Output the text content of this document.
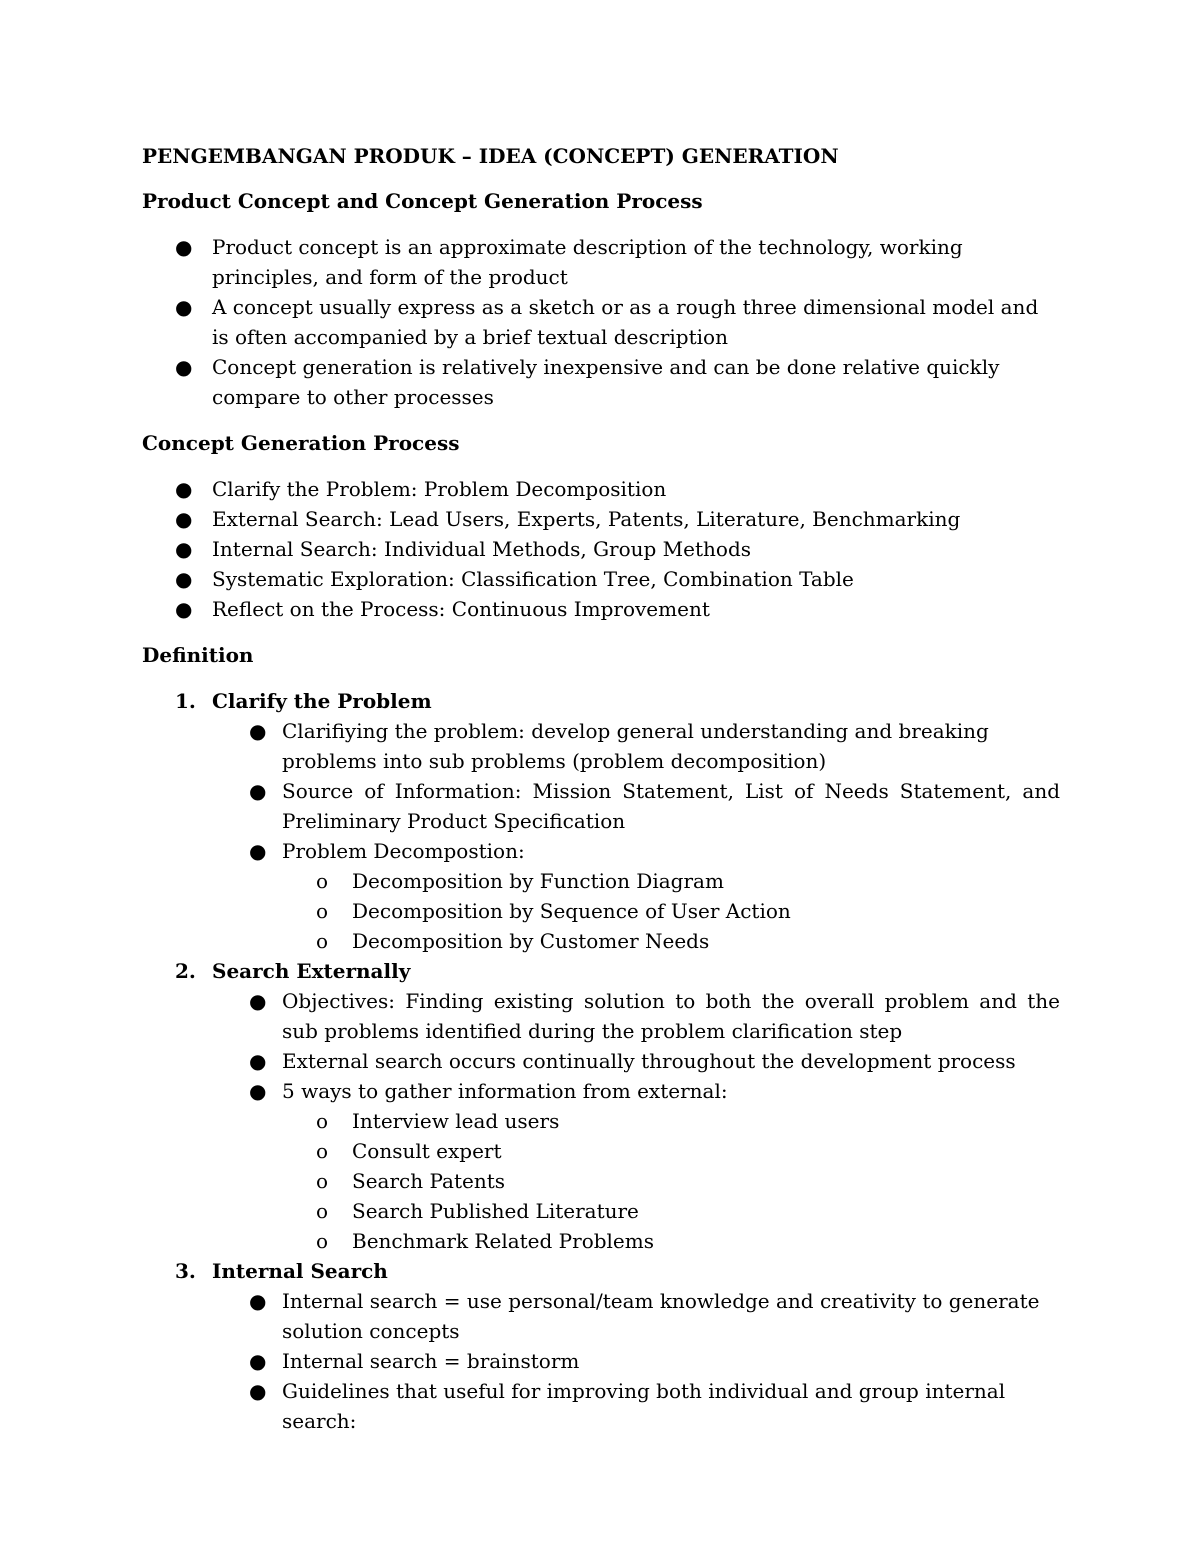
PENGEMBANGAN PRODUK – IDEA (CONCEPT) GENERATION
Product Concept and Concept Generation Process
● Product concept is an approximate description of the technology, working principles, and form of the product
● A concept usually express as a sketch or as a rough three dimensional model and is often accompanied by a brief textual description
● Concept generation is relatively inexpensive and can be done relative quickly compare to other processes
Concept Generation Process
● Clarify the Problem: Problem Decomposition
● External Search: Lead Users, Experts, Patents, Literature, Benchmarking
● Internal Search: Individual Methods, Group Methods
● Systematic Exploration: Classification Tree, Combination Table
● Reflect on the Process: Continuous Improvement
Definition
1. Clarify the Problem
● Clarifiying the problem: develop general understanding and breaking problems into sub problems (problem decomposition)
● Source of Information: Mission Statement, List of Needs Statement, and Preliminary Product Specification
● Problem Decompostion:
o Decomposition by Function Diagram
o Decomposition by Sequence of User Action
o Decomposition by Customer Needs
2. Search Externally
● Objectives: Finding existing solution to both the overall problem and the sub problems identified during the problem clarification step
● External search occurs continually throughout the development process
● 5 ways to gather information from external:
o Interview lead users
o Consult expert
o Search Patents
o Search Published Literature
o Benchmark Related Problems
3. Internal Search
● Internal search = use personal/team knowledge and creativity to generate solution concepts
● Internal search = brainstorm
● Guidelines that useful for improving both individual and group internal search:
